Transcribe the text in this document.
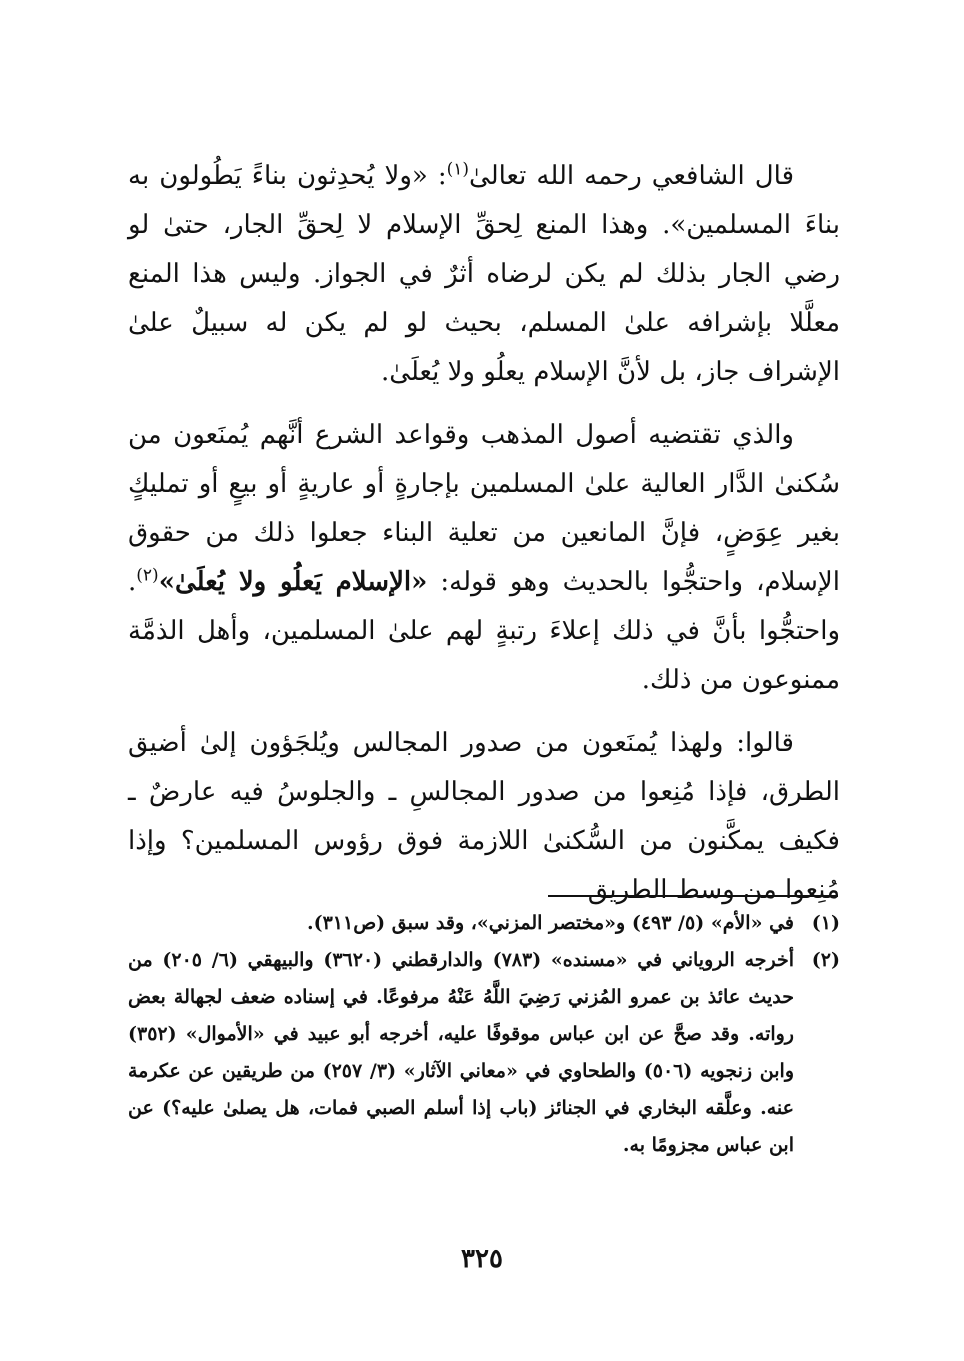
قال الشافعي رحمه الله تعالىٰ$^{(١)}$: «ولا يُحدِثون بناءً يَطُولون به بناءَ المسلمين». وهذا المنع لِحقِّ الإسلام لا لِحقِّ الجار، حتىٰ لو رضي الجار بذلك لم يكن لرضاه أثرٌ في الجواز. وليس هذا المنع معلَّلا بإشرافه علىٰ المسلم، بحيث لو لم يكن له سبيلٌ علىٰ الإشراف جاز، بل لأنَّ الإسلام يعلُو ولا يُعلَىٰ.

والذي تقتضيه أصول المذهب وقواعد الشرع أنَّهم يُمنَعون من سُكنىٰ الدَّار العالية علىٰ المسلمين بإجارةٍ أو عاريةٍ أو بيعٍ أو تمليكٍ بغير عِوَضٍ، فإنَّ المانعين من تعلية البناء جعلوا ذلك من حقوق الإسلام، واحتجُّوا بالحديث وهو قوله: «الإسلام يَعلُو ولا يُعلَىٰ»$^{(٢)}$. واحتجُّوا بأنَّ في ذلك إعلاءَ رتبةٍ لهم علىٰ المسلمين، وأهل الذمَّة ممنوعون من ذلك.

قالوا: ولهذا يُمنَعون من صدور المجالس ويُلجَؤون إلىٰ أضيق الطرق، فإذا مُنِعوا من صدور المجالسِ ـ والجلوسُ فيه عارضٌ ـ فكيف يمكَّنون من السُّكنىٰ اللازمة فوق رؤوس المسلمين؟ وإذا مُنِعوا من وسط الطريق

(١)
في «الأم» (٥/ ٤٩٣) و«مختصر المزني»، وقد سبق (ص٣١١).
(٢)
أخرجه الروياني في «مسنده» (٧٨٣) والدارقطني (٣٦٢٠) والبيهقي (٦/ ٢٠٥) من حديث عائذ بن عمرو المُزني رَضِيَ اللَّهُ عَنْهُ مرفوعًا. في إسناده ضعف لجهالة بعض رواته. وقد صحَّ عن ابن عباس موقوفًا عليه، أخرجه أبو عبيد في «الأموال» (٣٥٢) وابن زنجويه (٥٠٦) والطحاوي في «معاني الآثار» (٣/ ٢٥٧) من طريقين عن عكرمة عنه. وعلَّقه البخاري في الجنائز (باب إذا أسلم الصبي فمات، هل يصلىٰ عليه؟) عن ابن عباس مجزومًا به.
٣٢٥
